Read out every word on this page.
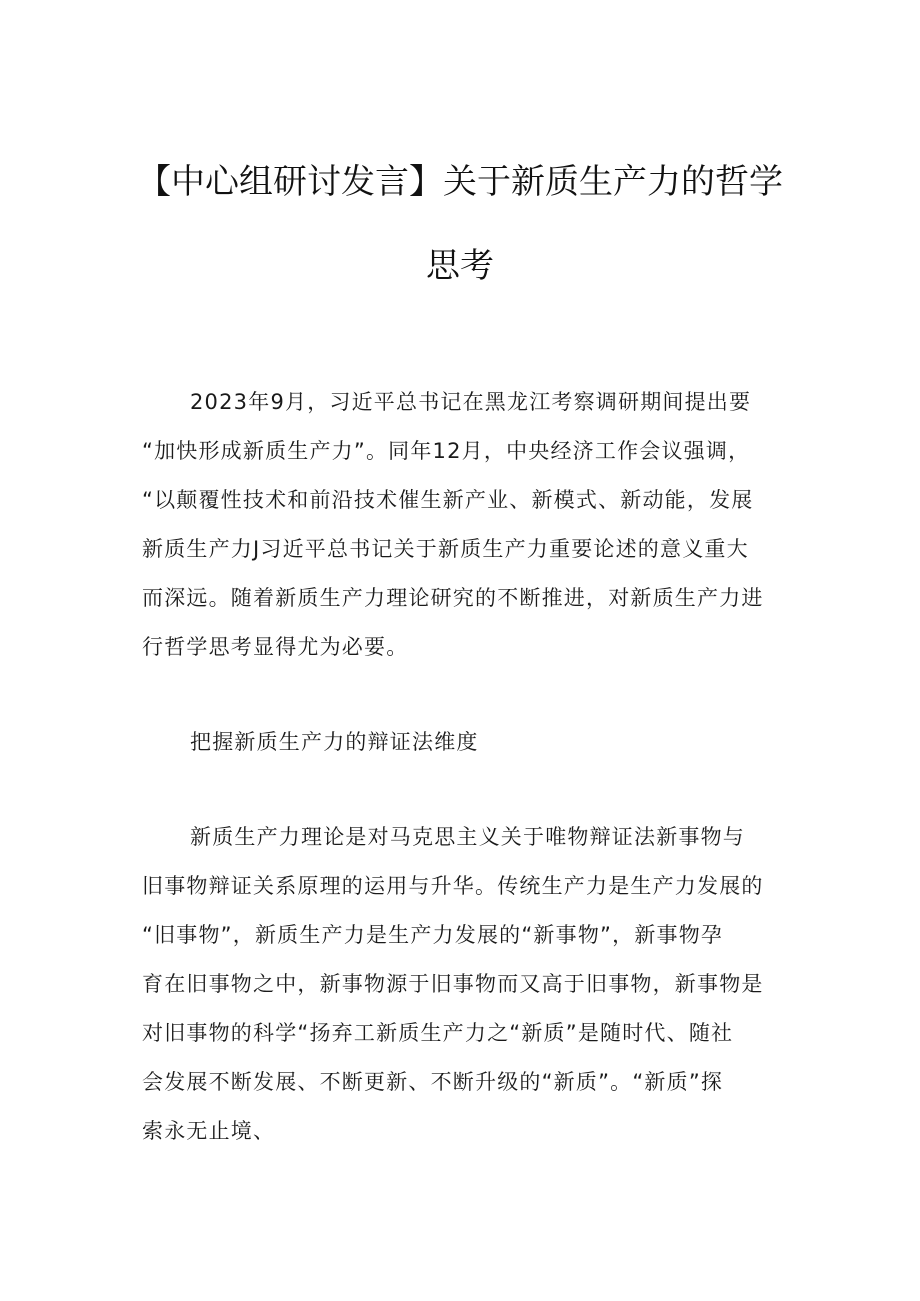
【中心组研讨发言】关于新质生产力的哲学
思考
2023年9月，习近平总书记在黑龙江考察调研期间提出要
“加快形成新质生产力”。同年12月，中央经济工作会议强调，
“以颠覆性技术和前沿技术催生新产业、新模式、新动能，发展
新质生产力J习近平总书记关于新质生产力重要论述的意义重大
而深远。随着新质生产力理论研究的不断推进，对新质生产力进
行哲学思考显得尤为必要。
把握新质生产力的辩证法维度
新质生产力理论是对马克思主义关于唯物辩证法新事物与
旧事物辩证关系原理的运用与升华。传统生产力是生产力发展的
“旧事物”，新质生产力是生产力发展的“新事物”，新事物孕
育在旧事物之中，新事物源于旧事物而又高于旧事物，新事物是
对旧事物的科学“扬弃工新质生产力之“新质”是随时代、随社
会发展不断发展、不断更新、不断升级的“新质”。“新质”探
索永无止境、
